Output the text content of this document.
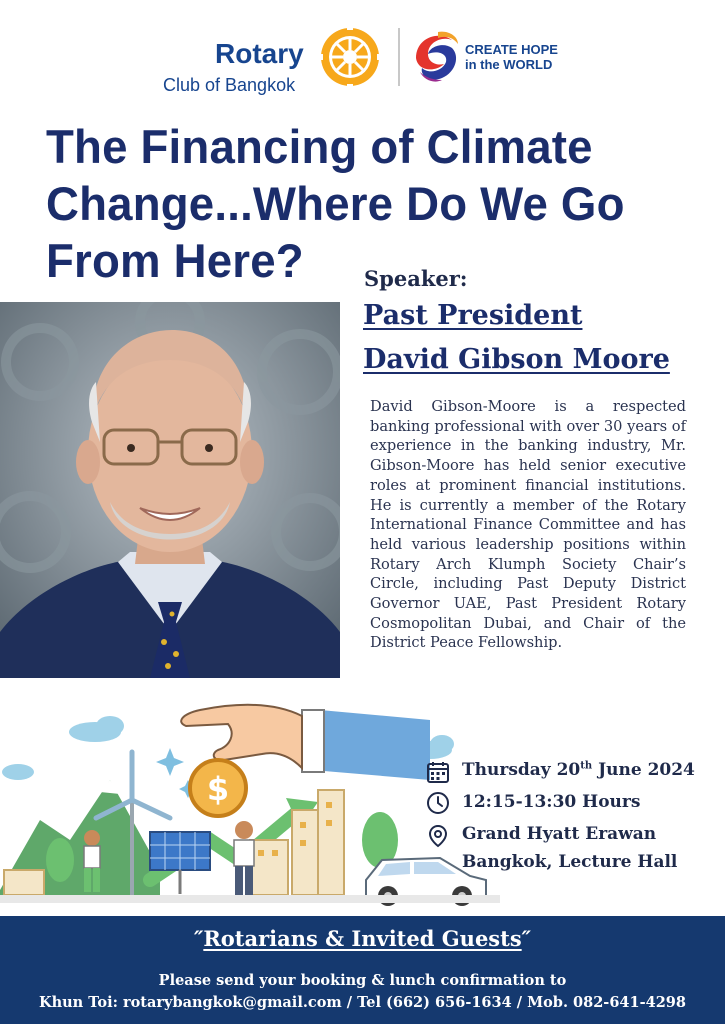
Rotary
Club of Bangkok
CREATE HOPE
in the WORLD
The Financing of Climate
Change...Where Do We Go
From Here?	Speaker:
Past President
David Gibson Moore
David Gibson-Moore is a respected banking professional with over 30 years of experience in the banking industry, Mr. Gibson-Moore has held senior executive roles at prominent financial institutions. He is currently a member of the Rotary International Finance Committee and has held various leadership positions within Rotary Arch Klumph Society Chair’s Circle, including Past Deputy District Governor UAE, Past President Rotary Cosmopolitan Dubai, and Chair of the District Peace Fellowship.
$	Thursday 20th June 2024
12:15-13:30 Hours
Grand Hyatt Erawan
Bangkok, Lecture Hall
″Rotarians & Invited Guests″
Please send your booking & lunch confirmation to
Khun Toi: rotarybangkok@gmail.com / Tel (662) 656-1634 / Mob. 082-641-4298
